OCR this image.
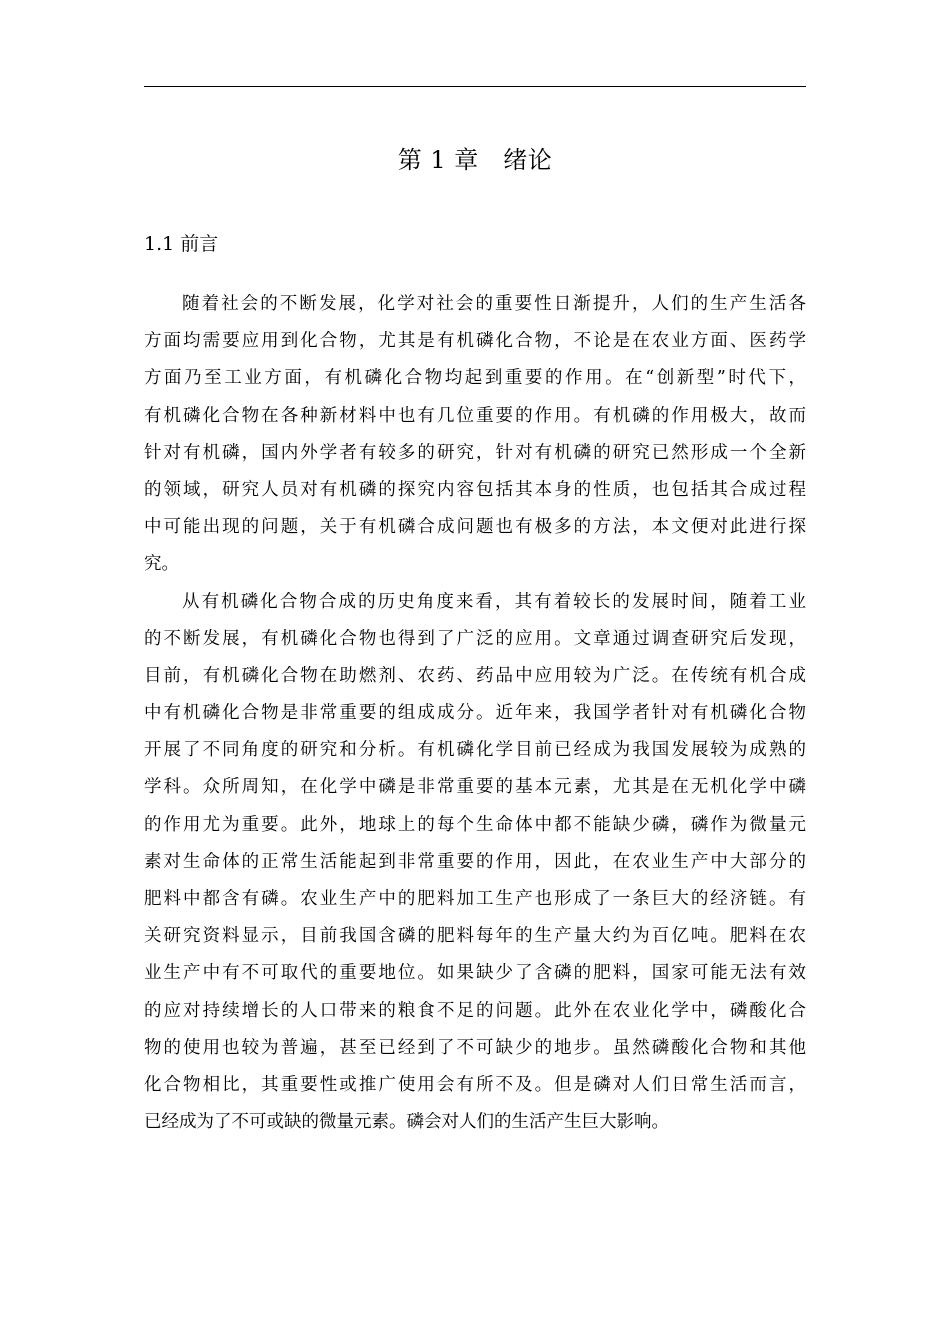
第 1 章　绪论
1.1 前言
随着社会的不断发展，化学对社会的重要性日渐提升，人们的生产生活各
方面均需要应用到化合物，尤其是有机磷化合物，不论是在农业方面、医药学
方面乃至工业方面，有机磷化合物均起到重要的作用。在“创新型”时代下，
有机磷化合物在各种新材料中也有几位重要的作用。有机磷的作用极大，故而
针对有机磷，国内外学者有较多的研究，针对有机磷的研究已然形成一个全新
的领域，研究人员对有机磷的探究内容包括其本身的性质，也包括其合成过程
中可能出现的问题，关于有机磷合成问题也有极多的方法，本文便对此进行探
究。
从有机磷化合物合成的历史角度来看，其有着较长的发展时间，随着工业
的不断发展，有机磷化合物也得到了广泛的应用。文章通过调查研究后发现，
目前，有机磷化合物在助燃剂、农药、药品中应用较为广泛。在传统有机合成
中有机磷化合物是非常重要的组成成分。近年来，我国学者针对有机磷化合物
开展了不同角度的研究和分析。有机磷化学目前已经成为我国发展较为成熟的
学科。众所周知，在化学中磷是非常重要的基本元素，尤其是在无机化学中磷
的作用尤为重要。此外，地球上的每个生命体中都不能缺少磷，磷作为微量元
素对生命体的正常生活能起到非常重要的作用，因此，在农业生产中大部分的
肥料中都含有磷。农业生产中的肥料加工生产也形成了一条巨大的经济链。有
关研究资料显示，目前我国含磷的肥料每年的生产量大约为百亿吨。肥料在农
业生产中有不可取代的重要地位。如果缺少了含磷的肥料，国家可能无法有效
的应对持续增长的人口带来的粮食不足的问题。此外在农业化学中，磷酸化合
物的使用也较为普遍，甚至已经到了不可缺少的地步。虽然磷酸化合物和其他
化合物相比，其重要性或推广使用会有所不及。但是磷对人们日常生活而言，
已经成为了不可或缺的微量元素。磷会对人们的生活产生巨大影响。
